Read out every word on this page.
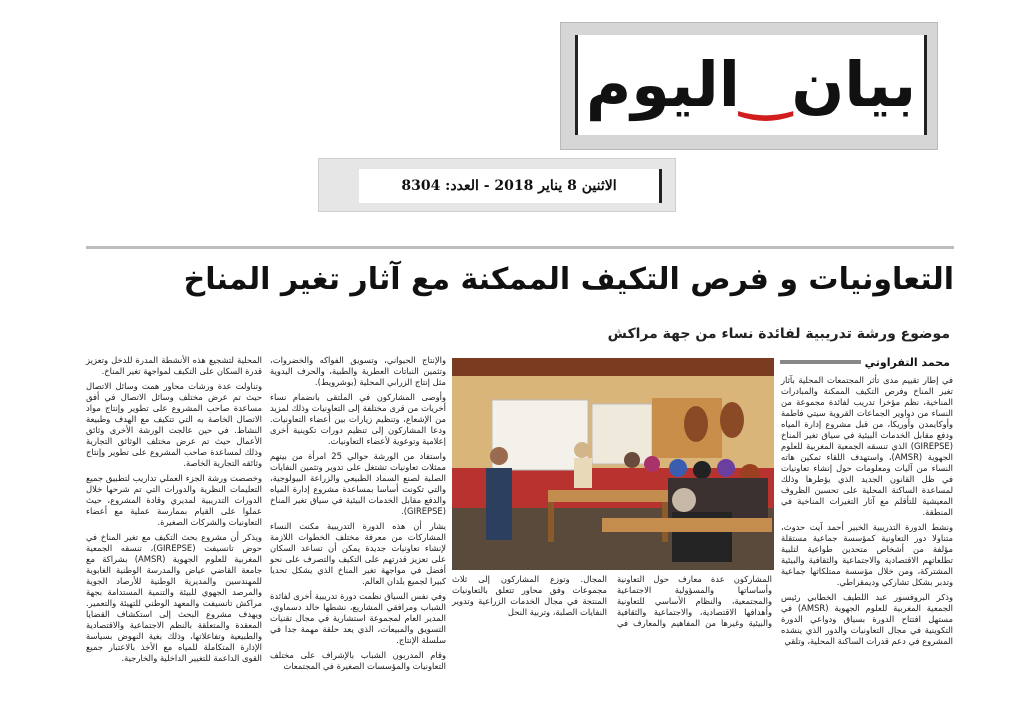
بيان‿اليوم
الاثنين 8 يناير 2018 - العدد: 8304
التعاونيات و فرص التكيف الممكنة مع آثار تغير المناخ
موضوع ورشة تدريبية لفائدة نساء من جهة مراكش
محمد التفراوتي

في إطار تقييم مدى تأثر المجتمعات المحلية بآثار تغير المناخ وفرص التكيف الممكنة والمبادرات المناخية، نظم مؤخرا تدريب لفائدة مجموعة من النساء من دواوير الجماعات القروية سيتي فاطمة وأوكايمدن وأوريكا، من قبل مشروع إدارة المياه ودفع مقابل الخدمات البيئية في سياق تغير المناخ (GIREPSE) الذي تنسقه الجمعية المغربية للعلوم الجهوية (AMSR)، واستهدف اللقاء تمكين هاته النساء من آليات ومعلومات حول إنشاء تعاونيات في ظل القانون الجديد الذي يؤطرها وذلك لمساعدة الساكنة المحلية على تحسين الظروف المعيشية للتأقلم مع آثار التغيرات المناخية في المنطقة.

ونشط الدورة التدريبية الخبير أحمد آيت حدوث، متناولا دور التعاونية كمؤسسة جماعية مستقلة مؤلفة من أشخاص متحدين طواعية لتلبية تطلعاتهم الاقتصادية والاجتماعية والثقافية والبيئية المشتركة، ومن خلال مؤسسة ممتلكاتها جماعية وتدبر بشكل تشاركي وديمقراطي.

وذكر البروفسور عبد اللطيف الخطابي رئيس الجمعية المغربية للعلوم الجهوية (AMSR) في مستهل افتتاح الدورة بسياق ودواعي الدورة التكوينية في مجال التعاونيات والدور الذي ينشده المشروع في دعم قدرات الساكنة المحلية، وتلقي

المشاركون عدة معارف حول التعاونية وأساساتها والمسؤولية الاجتماعية والمجتمعية، والنظام الأساسي للتعاونية وأهدافها الاقتصادية، والاجتماعية والثقافية والبيئية وغيرها من المفاهيم والمعارف في المجال. وتوزع المشاركون إلى ثلاث مجموعات وفق محاور تتعلق بالتعاونيات المنتجة في مجال الخدمات الزراعية وتدوير النفايات الصلبة، وتربية النحل

والإنتاج الحيواني، وتسويق الفواكه والخضروات، وتثمين النباتات العطرية والطبية، والحرف اليدوية مثل إنتاج الزرابي المحلية (بوشرويط).

وأوصى المشاركون في الملتقى بانضمام نساء أخريات من قرى مختلفة إلى التعاونيات وذلك لمزيد من الإشعاع، وتنظيم زيارات بين أعضاء التعاونيات. ودعا المشاركون إلى تنظيم دورات تكوينية أخرى إعلامية وتوعوية لأعضاء التعاونيات.

واستفاد من الورشة حوالي 25 امرأة من بينهم ممثلات تعاونيات تشتغل على تدوير وتثمين النفايات الصلبة لصنع السماد الطبيعي والزراعة البيولوجية، والتي تكونت أساسا بمساعدة مشروع إدارة المياه والدفع مقابل الخدمات البيئية في سياق تغير المناخ (GIREPSE).

يشار أن هذه الدورة التدريبية مكنت النساء المشاركات من معرفة مختلف الخطوات اللازمة لإنشاء تعاونيات جديدة يمكن أن تساعد السكان على تعزيز قدرتهم على التكيف والتصرف على نحو أفضل في مواجهة تغير المناخ الذي يشكل تحديا كبيرا لجميع بلدان العالم.

وفي نفس السياق نظمت دورة تدريبية أخرى لفائدة الشباب ومرافقي المشاريع، نشطها خالد دسماوي، المدير العام لمجموعة استشارية في مجال تقنيات التسويق والمبيعات، الذي يعد حلقة مهمة جدا في سلسلة الإنتاج.

وقام المدربون الشباب بالإشراف على مختلف التعاونيات والمؤسسات الصغيرة في المجتمعات

المحلية لتشجيع هذه الأنشطة المدرة للدخل وتعزيز قدرة السكان على التكيف لمواجهة تغير المناخ.

وتناولت عدة ورشات محاور همت وسائل الاتصال حيث تم عرض مختلف وسائل الاتصال في أفق مساعدة صاحب المشروع على تطوير وإنتاج مواد الاتصال الخاصة به التي تتكيف مع الهدف وطبيعة النشاط. في حين عالجت الورشة الأخرى وثائق الأعمال حيث تم عرض مختلف الوثائق التجارية وذلك لمساعدة صاحب المشروع على تطوير وإنتاج وثائقه التجارية الخاصة.

وخصصت ورشة الجزء العملي تداريب لتطبيق جميع التعليمات النظرية والدورات التي تم شرحها خلال الدورات التدريبية لمديري وقادة المشروع، حيث عملوا على القيام بممارسة عملية مع أعضاء التعاونيات والشركات الصغيرة.

ويذكر أن مشروع بحث التكيف مع تغير المناخ في حوض تانسيفت (GIREPSE)، تنسقه الجمعية المغربية للعلوم الجهوية (AMSR) بشراكة مع جامعة القاضي عياض والمدرسة الوطنية الغابوية للمهندسين والمديرية الوطنية للأرصاد الجوية والمرصد الجهوي للبيئة والتنمية المستدامة بجهة مراكش تانسيفت والمعهد الوطني للتهيئة والتعمير. ويهدف مشروع البحث إلى استكشاف القضايا المعقدة والمتعلقة بالنظم الاجتماعية والاقتصادية والطبيعية وتفاعلاتها، وذلك بغية النهوض بسياسة الإدارة المتكاملة للمياه مع الأخذ بالاعتبار جميع القوى الداعمة للتغيير الداخلية والخارجية.
